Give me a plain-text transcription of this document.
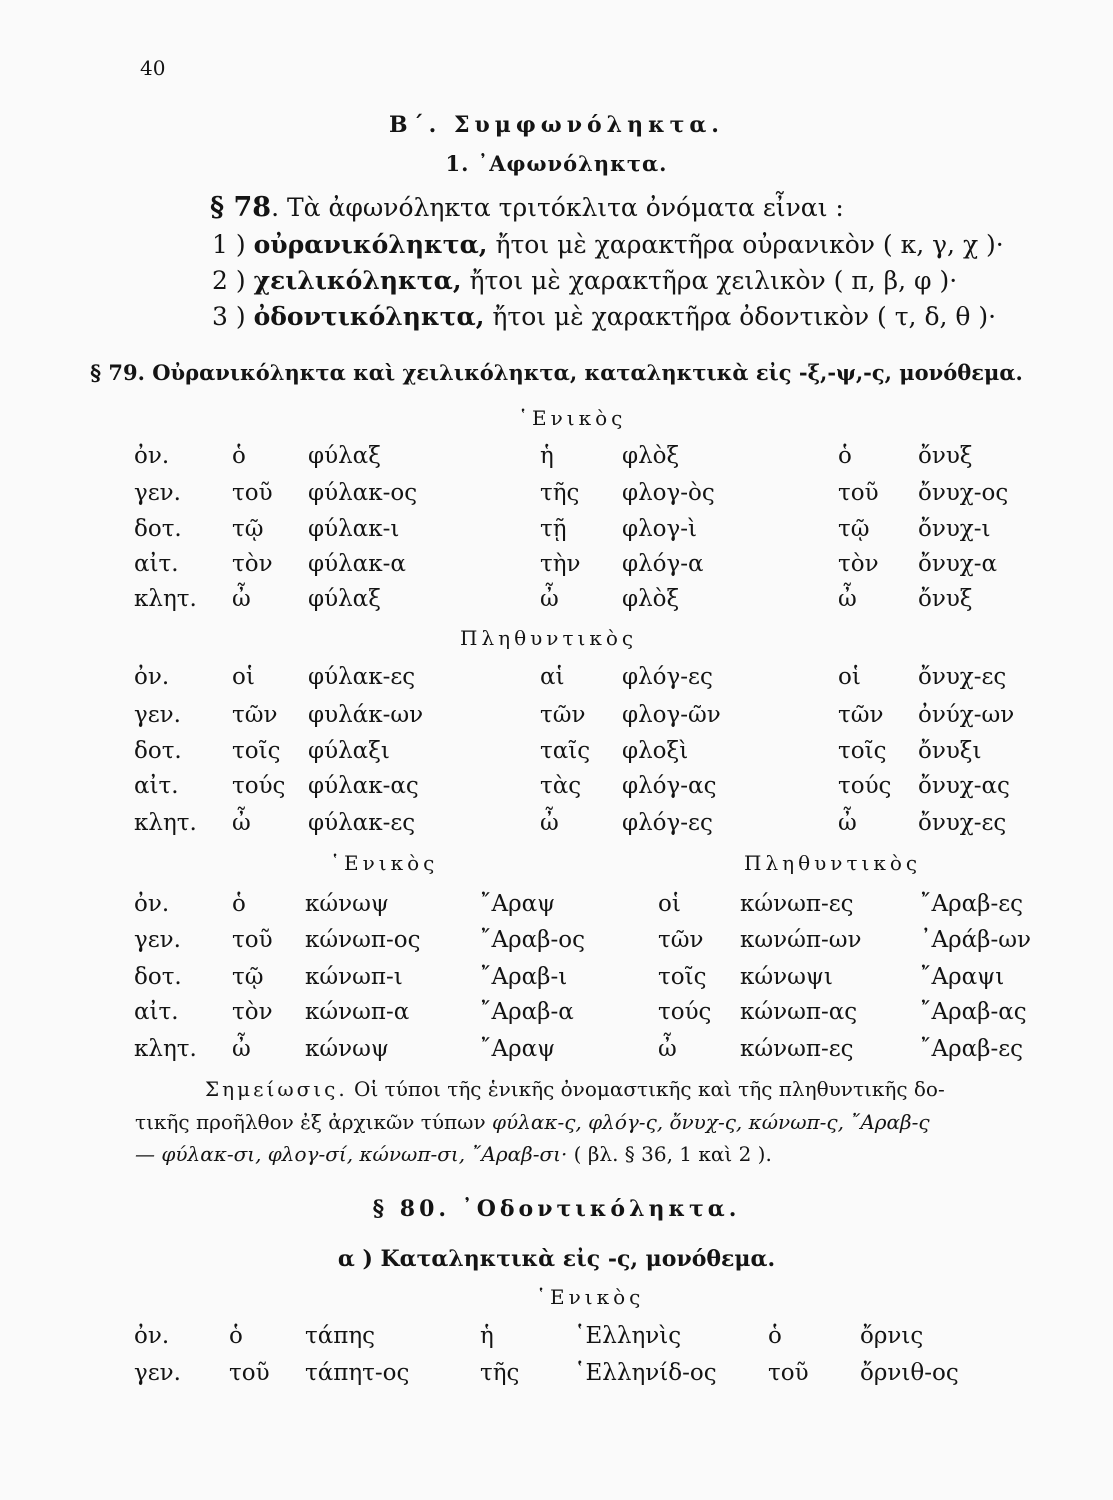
40
Β΄. Συμφωνόληκτα.
1. ᾿Αφωνόληκτα.
§ 78. Τὰ ἀφωνόληκτα τριτόκλιτα ὀνόματα εἶναι :
1 ) οὐρανικόληκτα, ἤτοι μὲ χαρακτῆρα οὐρανικὸν ( κ, γ, χ )·
2 ) χειλικόληκτα, ἤτοι μὲ χαρακτῆρα χειλικὸν ( π, β, φ )·
3 ) ὀδοντικόληκτα, ἤτοι μὲ χαρακτῆρα ὀδοντικὸν ( τ, δ, θ )·
§ 79. Οὐρανικόληκτα καὶ χειλικόληκτα, καταληκτικὰ εἰς -ξ,-ψ,-ς, μονόθεμα.
῾Ενικὸς
Πληθυντικὸς
ὀν.	ὁ	φύλαξ	ἡ	φλὸξ	ὁ	ὄνυξ
γεν. τοῦ φύλακ-ος	τῆς φλογ-ὸς	τοῦ ὄνυχ-ος
δοτ. τῷ φύλακ-ι	τῇ φλογ-ὶ	τῷ ὄνυχ-ι
αἰτ. τὸν φύλακ-α	τὴν φλόγ-α	τὸν ὄνυχ-α
κλητ. ὦ φύλαξ	ὦ	φλὸξ	ὦ	ὄνυξ
ὀν.	οἱ φύλακ-ες	αἱ φλόγ-ες	οἱ ὄνυχ-ες
γεν. τῶν φυλάκ-ων	τῶν φλογ-ῶν	τῶν ὀνύχ-ων
δοτ. τοῖς φύλαξι	ταῖς φλοξὶ	τοῖς ὄνυξι
αἰτ. τούς φύλακ-ας	τὰς φλόγ-ας	τούς ὄνυχ-ας
κλητ. ὦ φύλακ-ες	ὦ	φλόγ-ες	ὦ	ὄνυχ-ες
῾Ενικὸς	Πληθυντικὸς
ὀν.	ὁ	κώνωψ	῎Αραψ	οἱ	κώνωπ-ες	῎Αραβ-ες
γεν. τοῦ κώνωπ-ος	῎Αραβ-ος	τῶν κωνώπ-ων	᾿Αράβ-ων
δοτ. τῷ κώνωπ-ι	῎Αραβ-ι	τοῖς κώνωψι	῎Αραψι
αἰτ. τὸν κώνωπ-α	῎Αραβ-α	τούς κώνωπ-ας	῎Αραβ-ας
κλητ. ὦ κώνωψ	῎Αραψ	ὦ	κώνωπ-ες	῎Αραβ-ες
Σημείωσις. Οἱ τύποι τῆς ἑνικῆς ὀνομαστικῆς καὶ τῆς πληθυντικῆς δο-
τικῆς προῆλθον ἐξ ἀρχικῶν τύπων φύλακ-ς, φλόγ-ς, ὄνυχ-ς, κώνωπ-ς, ῎Αραβ-ς
— φύλακ-σι, φλογ-σί, κώνωπ-σι, ῎Αραβ-σι· ( βλ. § 36, 1 καὶ 2 ).
§ 80. ᾿Οδοντικόληκτα.
α ) Καταληκτικὰ εἰς -ς, μονόθεμα.
῾Ενικὸς
ὀν.	ὁ	τάπης	ἡ	῾Ελληνὶς	ὁ	ὄρνις
γεν. τοῦ τάπητ-ος	τῆς ῾Ελληνίδ-ος τοῦ ὄρνιθ-ος
